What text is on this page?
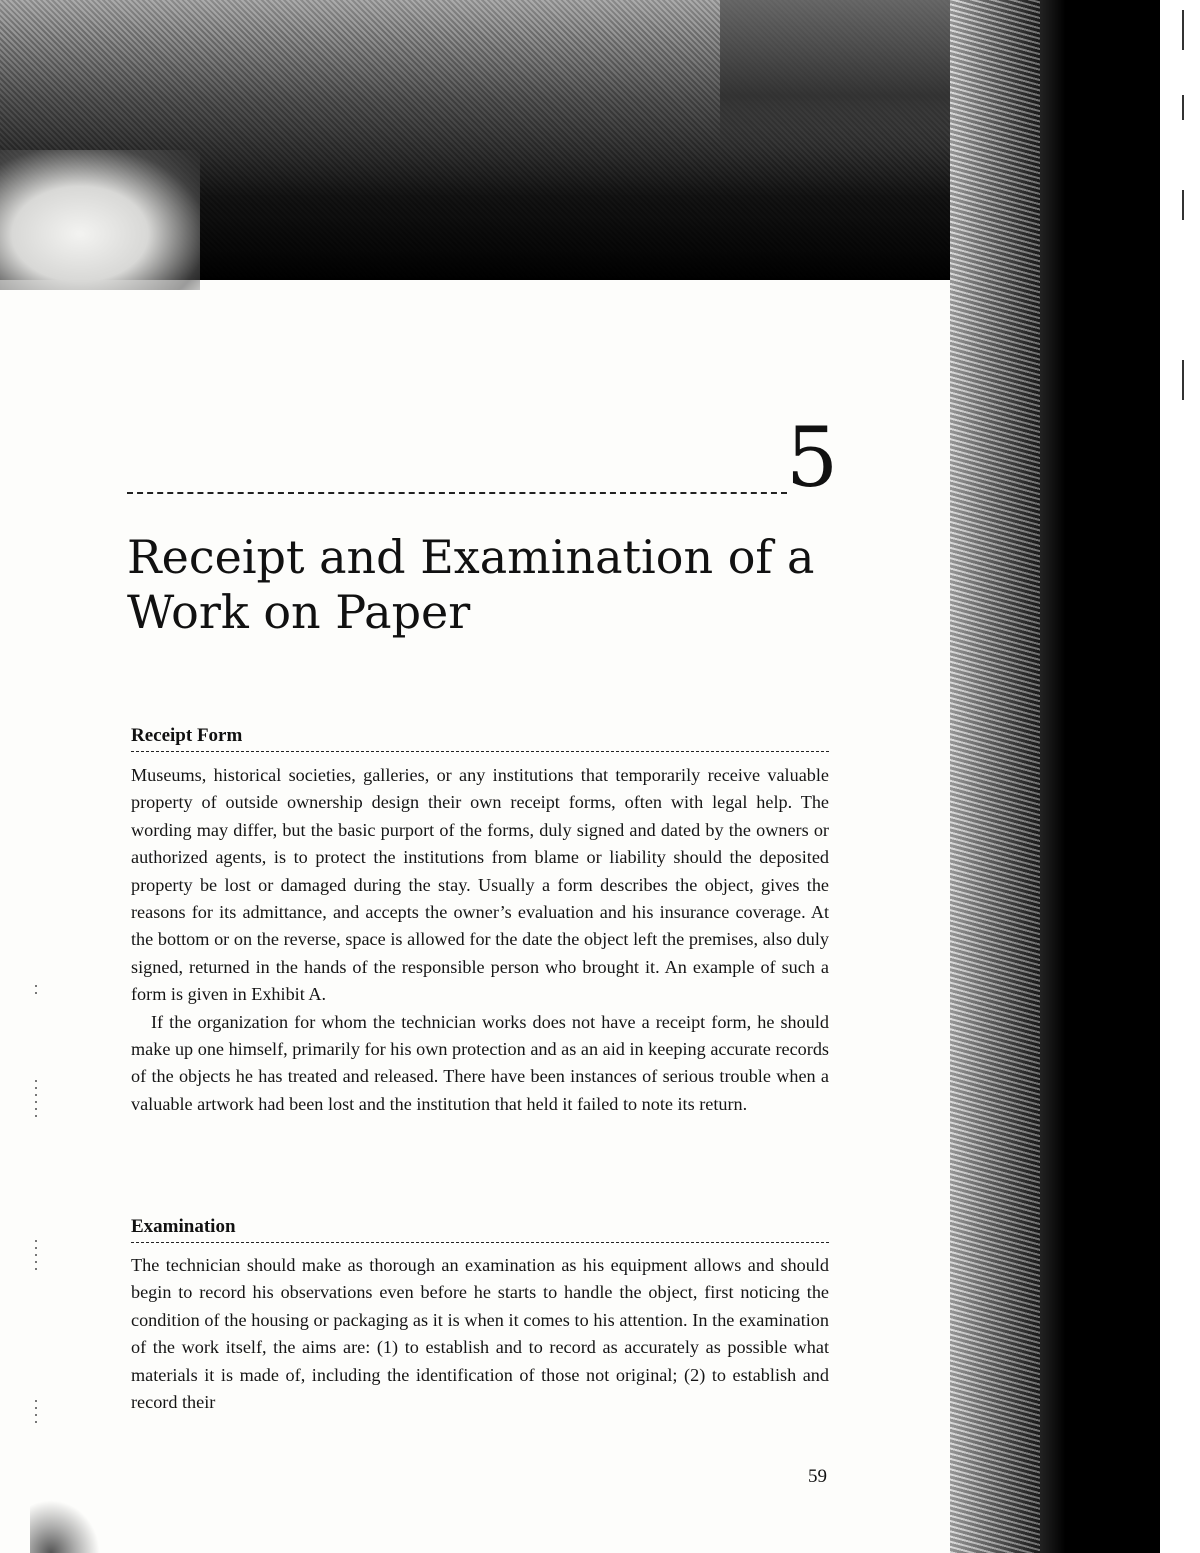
5
Receipt and Examination of a
Work on Paper
Receipt Form

Museums, historical societies, galleries, or any institutions that temporarily receive valuable property of outside ownership design their own receipt forms, often with legal help. The wording may differ, but the basic purport of the forms, duly signed and dated by the owners or authorized agents, is to protect the institutions from blame or liability should the deposited property be lost or damaged during the stay. Usually a form describes the object, gives the reasons for its admittance, and accepts the owner’s evaluation and his insurance coverage. At the bottom or on the reverse, space is allowed for the date the object left the premises, also duly signed, returned in the hands of the responsible person who brought it. An example of such a form is given in Exhibit A.

If the organization for whom the technician works does not have a receipt form, he should make up one himself, primarily for his own protection and as an aid in keeping accurate records of the objects he has treated and released. There have been instances of serious trouble when a valuable artwork had been lost and the institution that held it failed to note its return.

Examination

The technician should make as thorough an examination as his equipment allows and should begin to record his observations even before he starts to handle the object, first noticing the condition of the housing or packaging as it is when it comes to his attention. In the examination of the work itself, the aims are: (1) to establish and to record as accurately as possible what materials it is made of, including the identification of those not original; (2) to establish and record their

59
